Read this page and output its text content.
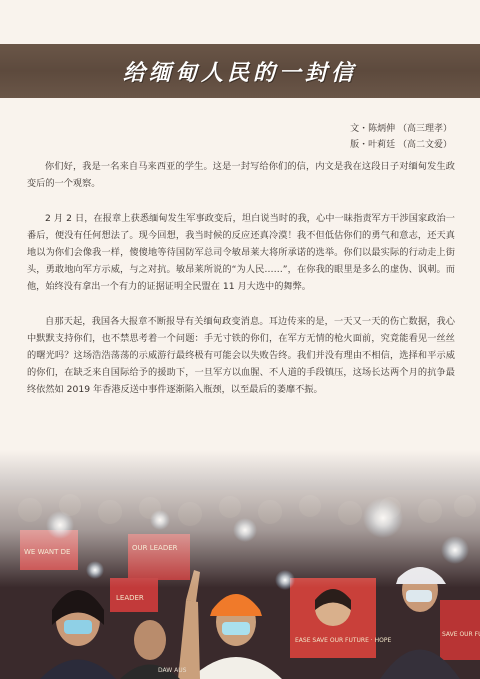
给缅甸人民的一封信
文・陈炳伸 （高三理孝）
版・叶莉廷 （高二文爱）

你们好，我是一名来自马来西亚的学生。这是一封写给你们的信，内文是我在这段日子对缅甸发生政变后的一个观察。

2 月 2 日，在报章上获悉缅甸发生军事政变后，坦白说当时的我，心中一昧指责军方干涉国家政治一番后，便没有任何想法了。现今回想，我当时候的反应还真冷漠！我不但低估你们的勇气和意志，还天真地以为你们会像我一样，傻傻地等待国防军总司令敏昂莱大将所承诺的选举。你们以最实际的行动走上街头，勇敢地向军方示威，与之对抗。敏昂莱所说的“为人民……”，在你我的眼里是多么的虚伪、讽刺。而他，始终没有拿出一个有力的证据证明全民盟在 11 月大选中的舞弊。

自那天起，我国各大报章不断报导有关缅甸政变消息。耳边传来的是，一天又一天的伤亡数据，我心中默默支持你们，也不禁思考着一个问题：手无寸铁的你们，在军方无情的枪火面前，究竟能看见一丝丝的曙光吗？这场浩浩荡荡的示威游行最终极有可能会以失败告终。我们并没有理由不相信，选择和平示威的你们，在缺乏来自国际给予的援助下，一旦军方以血腥、不人道的手段镇压，这场长达两个月的抗争最终依然如 2019 年香港反送中事件逐渐陷入瓶颈，以至最后的萎靡不振。
